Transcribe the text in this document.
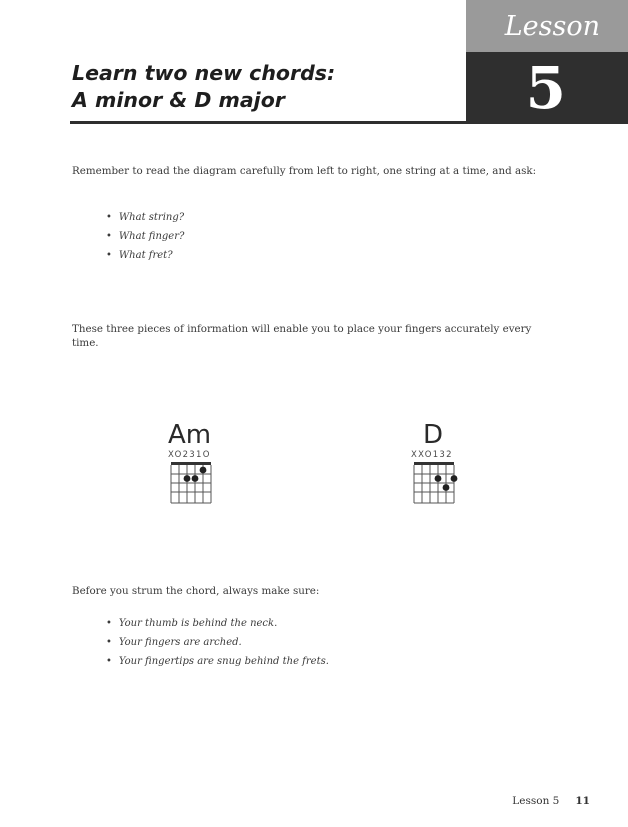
Lesson
5
Learn two new chords:
A minor & D major
Remember to read the diagram carefully from left to right, one string at a time, and ask:
• What string?
• What finger?
• What fret?
These three pieces of information will enable you to place your fingers accurately every time.
Am
XO231O
D
XXO132
Before you strum the chord, always make sure:
• Your thumb is behind the neck.
• Your fingers are arched.
• Your fingertips are snug behind the frets.
Lesson 5 11
